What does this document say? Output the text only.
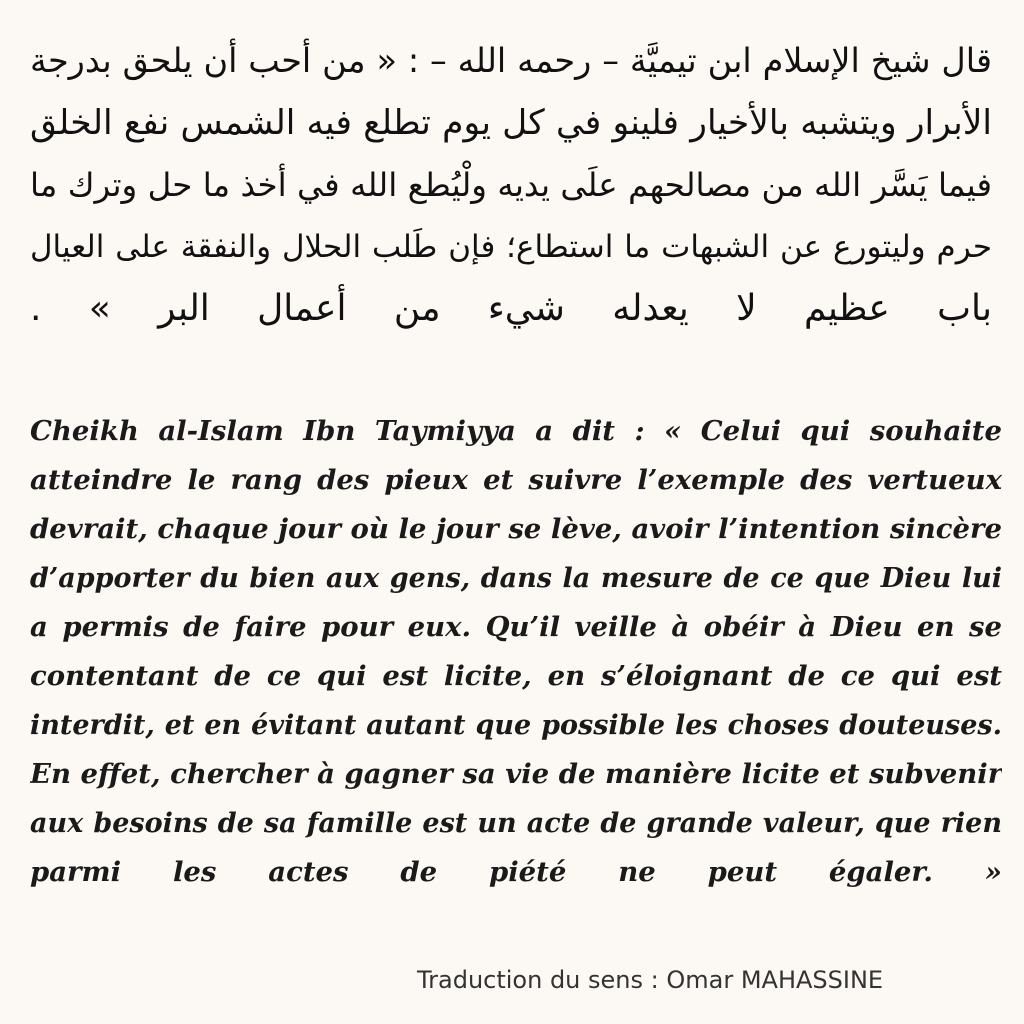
قال شيخ الإسلام ابن تيميَّة – رحمه الله – : « من أحب أن يلحق بدرجة
الأبرار ويتشبه بالأخيار فلينو في كل يوم تطلع فيه الشمس نفع الخلق
فيما يَسَّر الله من مصالحهم علَى يديه ولْيُطع الله في أخذ ما حل وترك ما
حرم وليتورع عن الشبهات ما استطاع؛ فإن طَلب الحلال والنفقة على العيال
باب عظيم لا يعدله شيء من أعمال البر » .
Cheikh al-Islam Ibn Taymiyya a dit : « Celui qui souhaite
atteindre le rang des pieux et suivre l’exemple des vertueux
devrait, chaque jour où le jour se lève, avoir l’intention sincère
d’apporter du bien aux gens, dans la mesure de ce que Dieu lui
a permis de faire pour eux. Qu’il veille à obéir à Dieu en se
contentant de ce qui est licite, en s’éloignant de ce qui est
interdit, et en évitant autant que possible les choses douteuses.
En effet, chercher à gagner sa vie de manière licite et subvenir
aux besoins de sa famille est un acte de grande valeur, que rien
parmi les actes de piété ne peut égaler. »
Traduction du sens : Omar MAHASSINE
